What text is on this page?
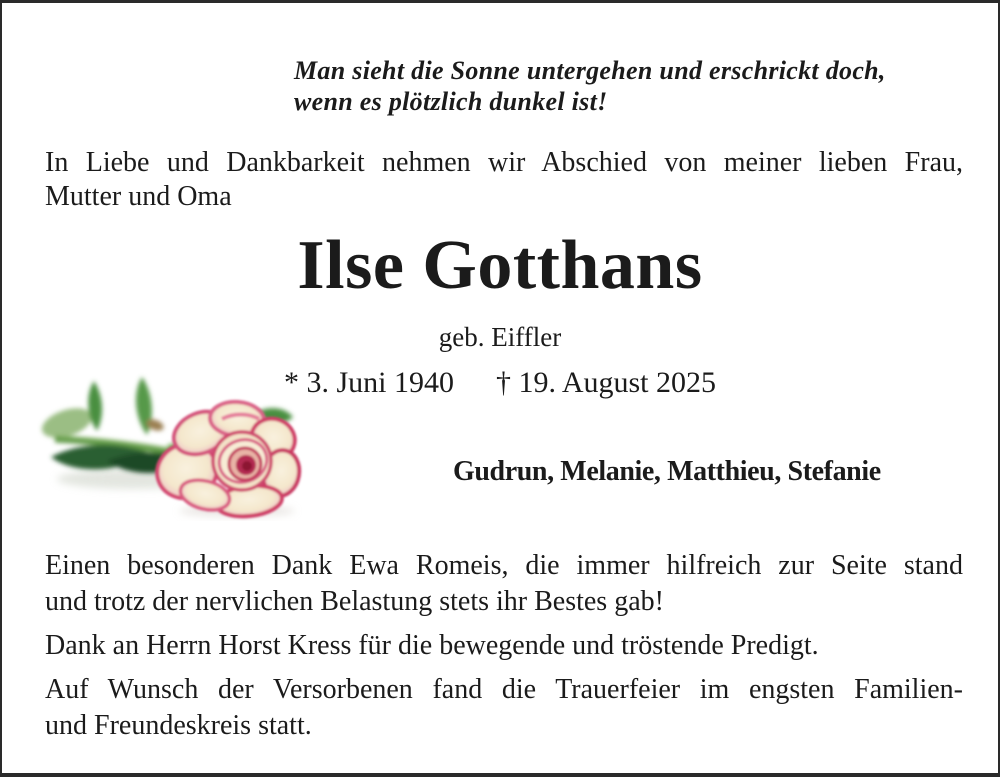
Man sieht die Sonne untergehen und erschrickt doch,
wenn es plötzlich dunkel ist!
In Liebe und Dankbarkeit nehmen wir Abschied von meiner lieben Frau,
Mutter und Oma
Ilse Gotthans
geb. Eiffler
* 3. Juni 1940 † 19. August 2025
Gudrun, Melanie, Matthieu, Stefanie
Einen besonderen Dank Ewa Romeis, die immer hilfreich zur Seite stand
und trotz der nervlichen Belastung stets ihr Bestes gab!
Dank an Herrn Horst Kress für die bewegende und tröstende Predigt.
Auf Wunsch der Versorbenen fand die Trauerfeier im engsten Familien-
und Freundeskreis statt.
